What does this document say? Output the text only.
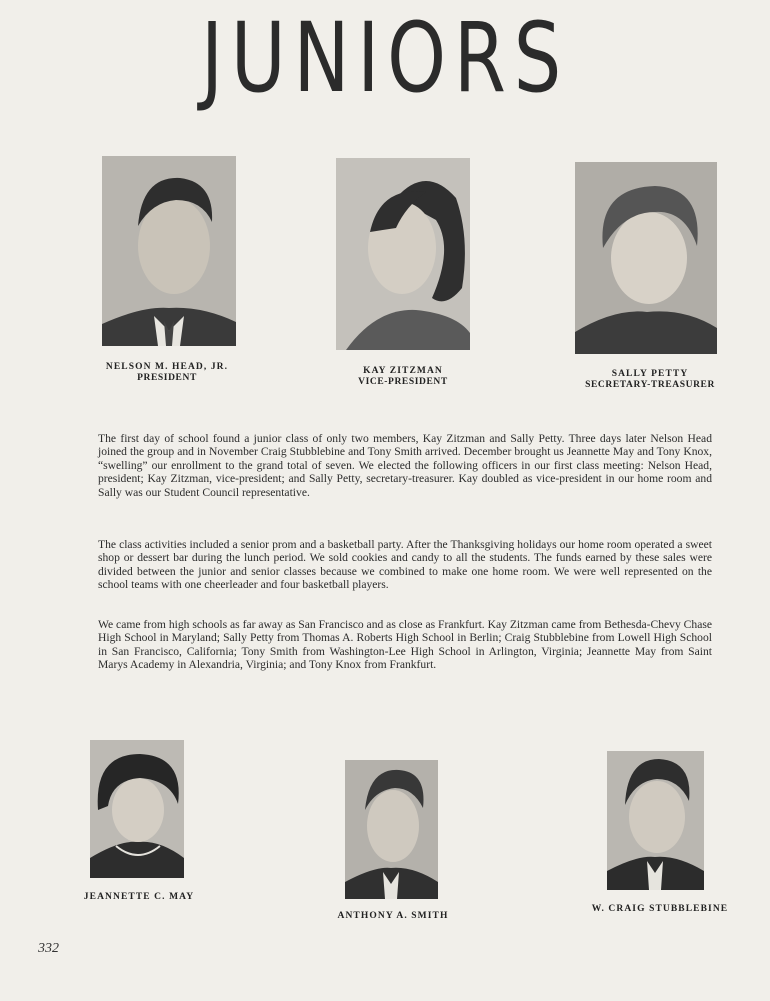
JUNIORS
NELSON M. HEAD, JR.
PRESIDENT
KAY ZITZMAN
VICE-PRESIDENT
SALLY PETTY
SECRETARY-TREASURER

The first day of school found a junior class of only two members, Kay Zitzman and Sally Petty. Three days later Nelson Head joined the group and in November Craig Stubblebine and Tony Smith arrived. December brought us Jeannette May and Tony Knox, “swelling” our enrollment to the grand total of seven. We elected the following officers in our first class meeting: Nelson Head, president; Kay Zitzman, vice-president; and Sally Petty, secretary-treasurer. Kay doubled as vice-president in our home room and Sally was our Student Council representative.

The class activities included a senior prom and a basketball party. After the Thanksgiving holidays our home room operated a sweet shop or dessert bar during the lunch period. We sold cookies and candy to all the students. The funds earned by these sales were divided between the junior and senior classes because we combined to make one home room. We were well represented on the school teams with one cheerleader and four basketball players.

We came from high schools as far away as San Francisco and as close as Frankfurt. Kay Zitzman came from Bethesda-Chevy Chase High School in Maryland; Sally Petty from Thomas A. Roberts High School in Berlin; Craig Stubblebine from Lowell High School in San Francisco, California; Tony Smith from Washington-Lee High School in Arlington, Virginia; Jeannette May from Saint Marys Academy in Alexandria, Virginia; and Tony Knox from Frankfurt.

JEANNETTE C. MAY
ANTHONY A. SMITH
W. CRAIG STUBBLEBINE
332
